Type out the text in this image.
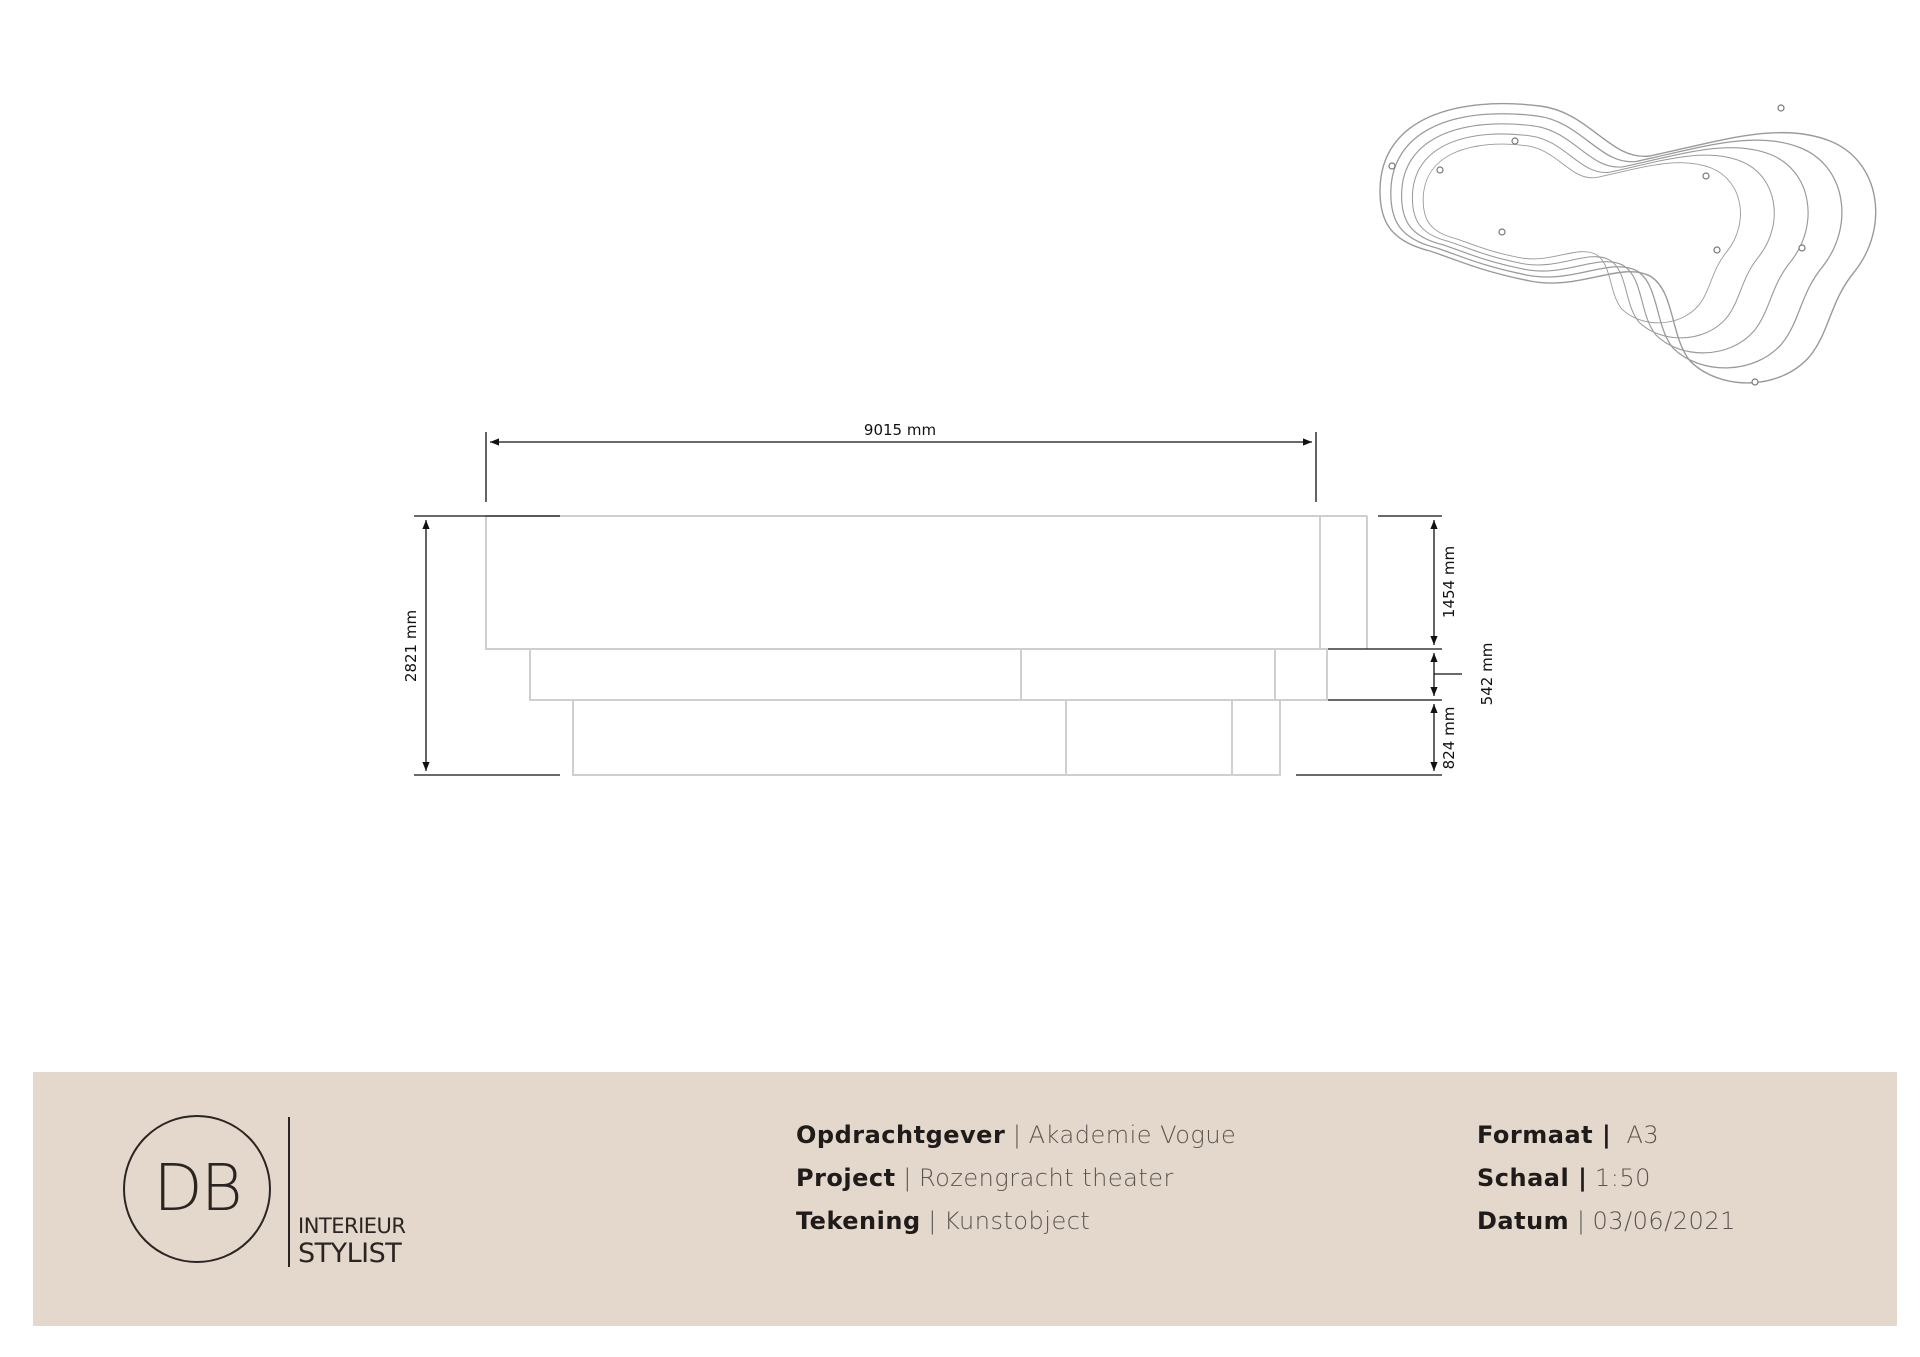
9015 mm
2821 mm
1454 mm
542 mm
824 mm
DB	INTERIEUR
STYLIST
Opdrachtgever | Akademie Vogue
Project | Rozengracht theater
Tekening | Kunstobject
Formaat | A3
Schaal | 1:50
Datum | 03/06/2021
